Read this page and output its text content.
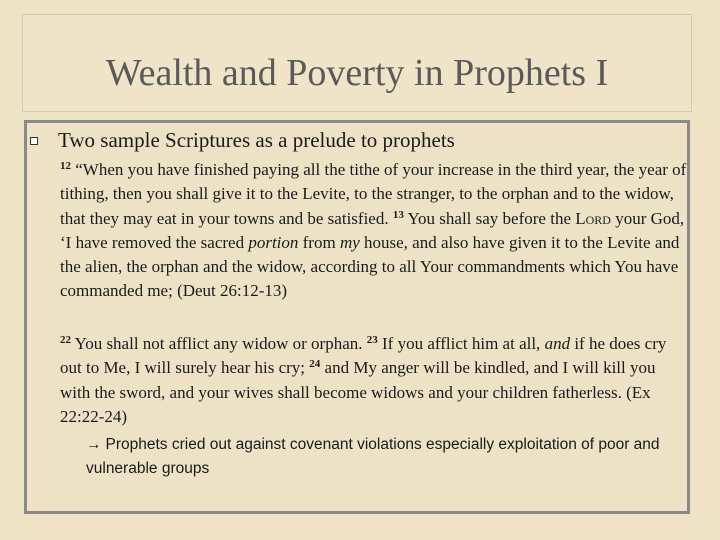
Wealth and Poverty in Prophets I
Two sample Scriptures as a prelude to prophets
$^{12}$ “When you have finished paying all the tithe of your increase in the third year, the year of tithing, then you shall give it to the Levite, to the stranger, to the orphan and to the widow, that they may eat in your towns and be satisfied. $^{13}$ You shall say before the Lord your God, ‘I have removed the sacred portion from my house, and also have given it to the Levite and the alien, the orphan and the widow, according to all Your commandments which You have commanded me; (Deut 26:12-13)
$^{22}$ You shall not afflict any widow or orphan. $^{23}$ If you afflict him at all, and if he does cry out to Me, I will surely hear his cry; $^{24}$ and My anger will be kindled, and I will kill you with the sword, and your wives shall become widows and your children fatherless. (Ex 22:22-24)
→ Prophets cried out against covenant violations especially exploitation of poor and vulnerable groups
